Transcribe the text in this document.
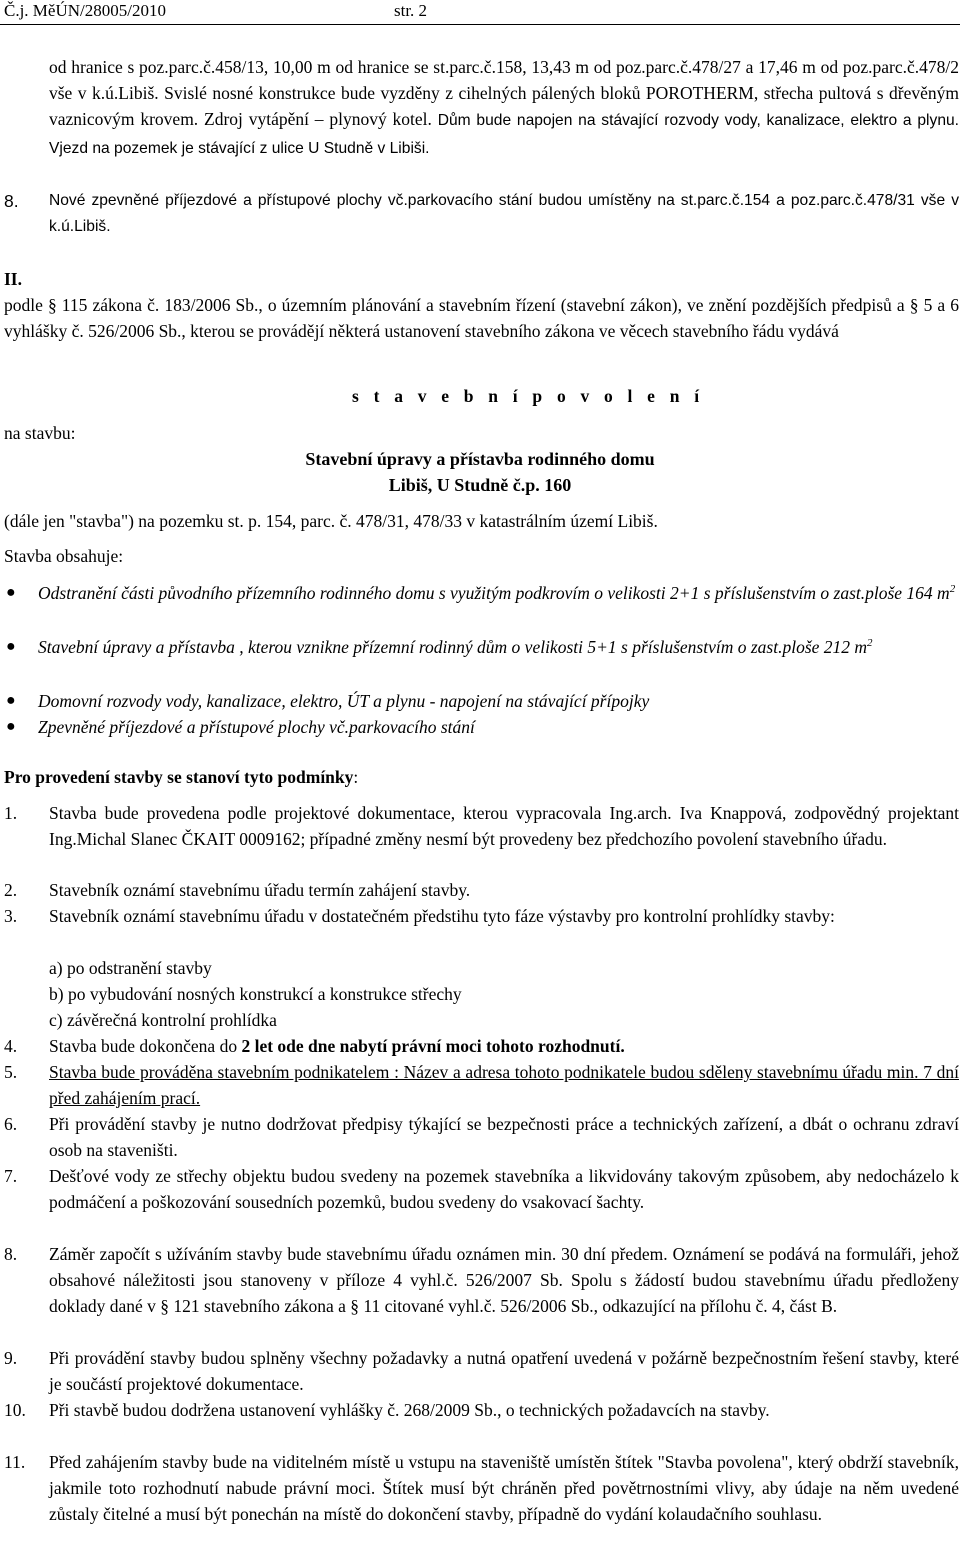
Č.j. MěÚN/28005/2010	str. 2
od hranice s poz.parc.č.458/13, 10,00 m od hranice se st.parc.č.158, 13,43 m od poz.parc.č.478/27 a 17,46 m od poz.parc.č.478/2 vše v k.ú.Libiš. Svislé nosné konstrukce bude vyzděny z cihelných pálených bloků POROTHERM, střecha pultová s dřevěným vaznicovým krovem. Zdroj vytápění – plynový kotel. Dům bude napojen na stávající rozvody vody, kanalizace, elektro a plynu. Vjezd na pozemek je stávající z ulice U Studně v Libiši.
8. Nové zpevněné příjezdové a přístupové plochy vč.parkovacího stání budou umístěny na st.parc.č.154 a poz.parc.č.478/31 vše v k.ú.Libiš.
II.
podle § 115 zákona č. 183/2006 Sb., o územním plánování a stavebním řízení (stavební zákon), ve znění pozdějších předpisů a § 5 a 6 vyhlášky č. 526/2006 Sb., kterou se provádějí některá ustanovení stavebního zákona ve věcech stavebního řádu vydává
s t a v e b n í p o v o l e n í
na stavbu:
Stavební úpravy a přístavba rodinného domu
Libiš, U Studně č.p. 160
(dále jen "stavba") na pozemku st. p. 154, parc. č. 478/31, 478/33 v katastrálním území Libiš.
Stavba obsahuje:
● Odstranění části původního přízemního rodinného domu s využitým podkrovím o velikosti 2+1 s příslušenstvím o zast.ploše 164 $m^2$
● Stavební úpravy a přístavba , kterou vznikne přízemní rodinný dům o velikosti 5+1 s příslušenstvím o zast.ploše 212 $m^2$
● Domovní rozvody vody, kanalizace, elektro, ÚT a plynu - napojení na stávající přípojky
● Zpevněné příjezdové a přístupové plochy vč.parkovacího stání
Pro provedení stavby se stanoví tyto podmínky:
1. Stavba bude provedena podle projektové dokumentace, kterou vypracovala Ing.arch. Iva Knappová, zodpovědný projektant Ing.Michal Slanec ČKAIT 0009162; případné změny nesmí být provedeny bez předchozího povolení stavebního úřadu.
2. Stavebník oznámí stavebnímu úřadu termín zahájení stavby.
3. Stavebník oznámí stavebnímu úřadu v dostatečném předstihu tyto fáze výstavby pro kontrolní prohlídky stavby:
a) po odstranění stavby
b) po vybudování nosných konstrukcí a konstrukce střechy
c) závěrečná kontrolní prohlídka
4. Stavba bude dokončena do 2 let ode dne nabytí právní moci tohoto rozhodnutí.
5. Stavba bude prováděna stavebním podnikatelem : Název a adresa tohoto podnikatele budou sděleny stavebnímu úřadu min. 7 dní před zahájením prací.
6. Při provádění stavby je nutno dodržovat předpisy týkající se bezpečnosti práce a technických zařízení, a dbát o ochranu zdraví osob na staveništi.
7. Dešťové vody ze střechy objektu budou svedeny na pozemek stavebníka a likvidovány takovým způsobem, aby nedocházelo k podmáčení a poškozování sousedních pozemků, budou svedeny do vsakovací šachty.
8. Záměr započít s užíváním stavby bude stavebnímu úřadu oznámen min. 30 dní předem. Oznámení se podává na formuláři, jehož obsahové náležitosti jsou stanoveny v příloze 4 vyhl.č. 526/2007 Sb. Spolu s žádostí budou stavebnímu úřadu předloženy doklady dané v § 121 stavebního zákona a § 11 citované vyhl.č. 526/2006 Sb., odkazující na přílohu č. 4, část B.
9. Při provádění stavby budou splněny všechny požadavky a nutná opatření uvedená v požárně bezpečnostním řešení stavby, které je součástí projektové dokumentace.
10. Při stavbě budou dodržena ustanovení vyhlášky č. 268/2009 Sb., o technických požadavcích na stavby.
11. Před zahájením stavby bude na viditelném místě u vstupu na staveniště umístěn štítek "Stavba povolena", který obdrží stavebník, jakmile toto rozhodnutí nabude právní moci. Štítek musí být chráněn před povětrnostními vlivy, aby údaje na něm uvedené zůstaly čitelné a musí být ponechán na místě do dokončení stavby, případně do vydání kolaudačního souhlasu.
